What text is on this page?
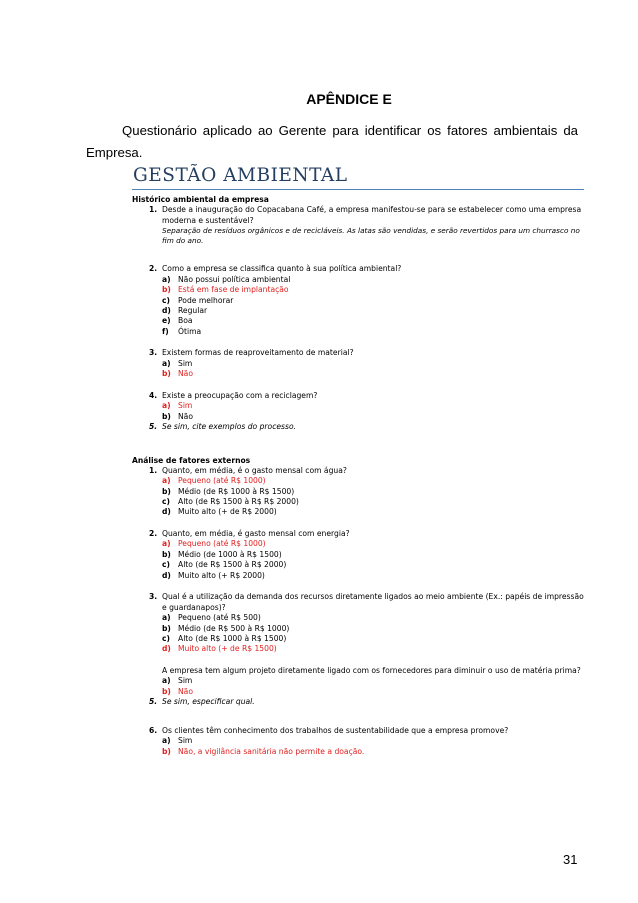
APÊNDICE E
Questionário aplicado ao Gerente para identificar os fatores ambientais da Empresa.
GESTÃO AMBIENTAL
Histórico ambiental da empresa
1. Desde a inauguração do Copacabana Café, a empresa manifestou-se para se estabelecer como uma empresa moderna e sustentável?
Separação de resíduos orgânicos e de recicláveis. As latas são vendidas, e serão revertidos para um churrasco no fim do ano.
2. Como a empresa se classifica quanto à sua política ambiental?
a) Não possui política ambiental
b) Está em fase de implantação
c) Pode melhorar
d) Regular
e) Boa
f) Ótima
3. Existem formas de reaproveitamento de material?
a) Sim
b) Não
4. Existe a preocupação com a reciclagem?
a) Sim
b) Não
5. Se sim, cite exemplos do processo.
Análise de fatores externos
1. Quanto, em média, é o gasto mensal com água?
a) Pequeno (até R$ 1000)
b) Médio (de R$ 1000 à R$ 1500)
c) Alto (de R$ 1500 à R$ R$ 2000)
d) Muito alto (+ de R$ 2000)
2. Quanto, em média, é gasto mensal com energia?
a) Pequeno (até R$ 1000)
b) Médio (de 1000 à R$ 1500)
c) Alto (de R$ 1500 à R$ 2000)
d) Muito alto (+ R$ 2000)
3. Qual é a utilização da demanda dos recursos diretamente ligados ao meio ambiente (Ex.: papéis de impressão e guardanapos)?
a) Pequeno (até R$ 500)
b) Médio (de R$ 500 à R$ 1000)
c) Alto (de R$ 1000 à R$ 1500)
d) Muito alto (+ de R$ 1500)
A empresa tem algum projeto diretamente ligado com os fornecedores para diminuir o uso de matéria prima?
a) Sim
b) Não
5. Se sim, especificar qual.
6. Os clientes têm conhecimento dos trabalhos de sustentabilidade que a empresa promove?
a) Sim
b) Não, a vigilância sanitária não permite a doação.
31
